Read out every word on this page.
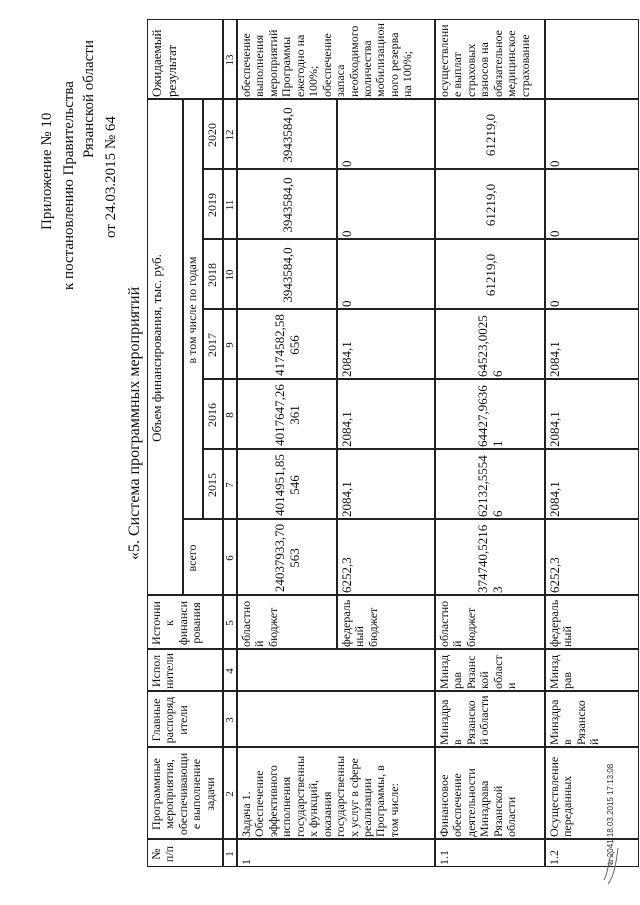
Приложение № 10 к постановлению Правительства Рязанской области
от 24.03.2015 № 64
«5. Система программных мероприятий
№ п/п
Программные мероприятия, обеспечивающие выполнение задачи
Главные распорядители
Исполнители
Источник финансирования
Объем финансирования, тыс. руб.
всего
в том числе по годам
2015
2016
2017
2018
2019
2020
Ожидаемый результат
1
2
3
4
5
6
7
8
9
10
11
12
13
1
Задача 1. Обеспечение эффективного исполнения государственных функций, оказания государственных услуг в сфере реализации Программы, в том числе:
обеспечение выполнения мероприятий Программы ежегодно на 100%; обеспечение запаса необходимого количества мобилизационного резерва на 100%;
областной бюджет
24037933,70563
4014951,85546
4017647,26361
4174582,58656
3943584,0
3943584,0
3943584,0
федеральный бюджет
6252,3
2084,1
2084,1
2084,1
0
0
0
1.1
Финансовое обеспечение деятельности Минздрава Рязанской области
Минздрав Рязанской области
Минздрав Рязанской области
областной бюджет
374740,52163
62132,55546
64427,96361
64523,00256
61219,0
61219,0
61219,0
осуществление выплат страховых взносов на обязательное медицинское страхование
1.2
Осуществление переданных
Минздрав Рязанской
Минздрав
федеральный
6252,3
2084,1
2084,1
2084,1
0
0
0
№ 2041 18.03.2015 17:13:08
